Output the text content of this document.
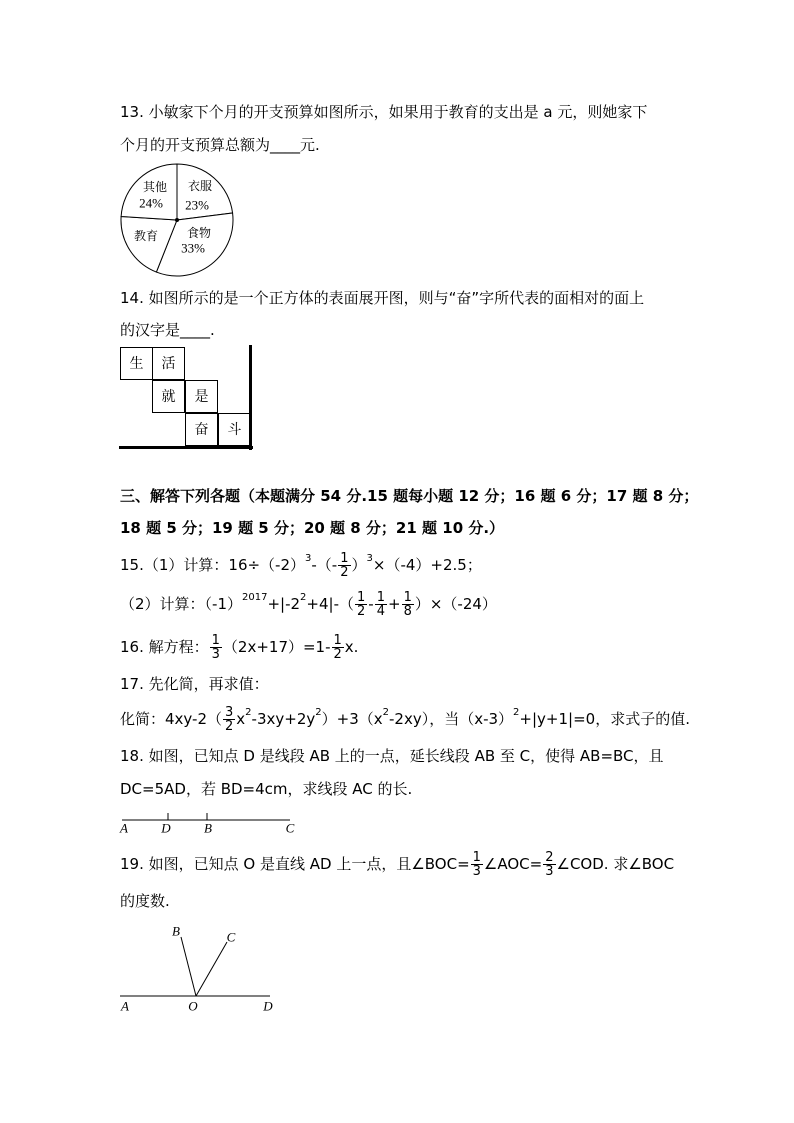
13. 小敏家下个月的开支预算如图所示，如果用于教育的支出是 a 元，则她家下
个月的开支预算总额为____元.
其他
24%
衣服
23%
食物
33%
教育
14. 如图所示的是一个正方体的表面展开图，则与“奋”字所代表的面相对的面上
的汉字是____.
生	活
就	是
奋	斗
三、解答下列各题（本题满分 54 分.15 题每小题 12 分；16 题 6 分；17 题 8 分；
18 题 5 分；19 题 5 分；20 题 8 分；21 题 10 分.）
15.（1）计算：16÷（-2） 3 -（- $\frac{1}{2}$ ） 3 ×（-4）+2.5；
（2）计算：（-1） 2017 +|-2 $2 +4|-( \frac{1}{2} - \frac{1}{4} + \frac{1}{8} )\times(-24)$
16. 解方程： $\frac{1}{3} (2x+17)=1- \frac{1}{2} x$.
17. 先化简，再求值：
化简：$4xy-2( \frac{3}{2}$ x 2 -3xy+2y 2 ）+3（x 2 -2xy），当（x-3） 2 +|y+1|=0，求式子的值.
18. 如图，已知点 D 是线段 AB 上的一点，延长线段 AB 至 C，使得 AB=BC，且
DC=5AD，若 BD=4cm，求线段 AC 的长.
A	D	B	C
19. 如图，已知点 O 是直线 AD 上一点，且∠BOC= $\frac{1}{3}$ ∠AOC= $\frac{2}{3}$ ∠COD. 求∠BOC
的度数.
B	C
A	O	D
